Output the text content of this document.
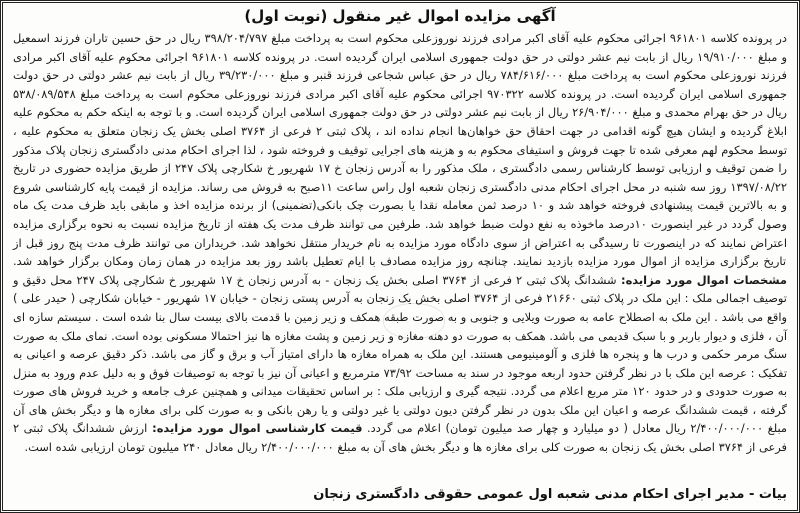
آگهی مزایده اموال غیر منقول (نوبت اول)
در پرونده کلاسه ۹۶۱۸۰۱ اجرائی محکوم علیه آقای اکبر مرادی فرزند نوروزعلی محکوم است به پرداخت مبلغ ۳۹۸/۲۰۴/۷۹۷ ریال در حق حسین تاران فرزند اسمعیل و مبلغ ۱۹/۹۱۰/۰۰۰ ریال از بابت نیم عشر دولتی در حق دولت جمهوری اسلامی ایران گردیده است. در پرونده کلاسه ۹۶۱۸۰۱ اجرائی محکوم علیه آقای اکبر مرادی فرزند نوروزعلی محکوم است به پرداخت مبلغ ۷۸۴/۶۱۶/۰۰۰ ریال در حق عباس شجاعی فرزند قنبر و مبلغ ۳۹/۲۳۰/۰۰۰ ریال از بابت نیم عشر دولتی در حق دولت جمهوری اسلامی ایران گردیده است. در پرونده کلاسه ۹۷۰۳۲۲ اجرائی محکوم علیه آقای اکبر مرادی فرزند نوروزعلی محکوم است به پرداخت مبلغ ۵۳۸/۰۸۹/۵۴۸ ریال در حق بهرام محمدی و مبلغ ۲۶/۹۰۴/۰۰۰ ریال از بابت نیم عشر دولتی در حق دولت جمهوری اسلامی ایران گردیده است. و با توجه به اینکه حکم به محکوم علیه ابلاغ گردیده و ایشان هیچ گونه اقدامی در جهت احقاق حق خواهان‌ها انجام نداده اند ، پلاک ثبتی ۲ فرعی از ۳۷۶۴ اصلی بخش یک زنجان متعلق به محکوم علیه ، توسط محکوم لهم معرفی شده تا جهت فروش و استیفای محکوم به و هزینه های اجرایی توقیف و فروخته شود ، لذا اجرای احکام مدنی دادگستری زنجان پلاک مذکور را ضمن توقیف و ارزیابی توسط کارشناس رسمی دادگستری ، ملک مذکور را به آدرس زنجان خ ۱۷ شهریور خ شکارچی پلاک ۲۴۷ از طریق مزایده حضوری در تاریخ ۱۳۹۷/۰۸/۲۲ روز سه شنبه در محل اجرای احکام مدنی دادگستری زنجان شعبه اول راس ساعت ۱۱صبح به فروش می رساند. مزایده از قیمت پایه کارشناسی شروع و به بالاترین قیمت پیشنهادی فروخته خواهد شد و ۱۰ درصد ثمن معامله نقدا یا بصورت چک بانکی(تضمینی) از برنده مزایده اخذ و مابقی باید ظرف مدت یک ماه وصول گردد در غیر اینصورت ۱۰درصد ماخوذه به نفع دولت ضبط خواهد شد. طرفین می توانند ظرف مدت یک هفته از تاریخ مزایده نسبت به نحوه برگزاری مزایده اعتراض نمایند که در اینصورت تا رسیدگی به اعتراض از سوی دادگاه مورد مزایده به نام خریدار منتقل نخواهد شد. خریداران می توانند ظرف مدت پنج روز قبل از تاریخ برگزاری مزایده از اموال مورد مزایده بازدید نمایند. چنانچه روز مزایده مصادف با ایام تعطیل باشد روز بعد مزایده در همان زمان ومکان برگزار خواهد شد. مشخصات اموال مورد مزایده: ششدانگ پلاک ثبتی ۲ فرعی از ۳۷۶۴ اصلی بخش یک زنجان - به آدرس زنجان خ ۱۷ شهریور خ شکارچی پلاک ۲۴۷ محل دقیق و توصیف اجمالی ملک : این ملک در پلاک ثبتی ۲۱۶۶۰ فرعی از ۳۷۶۴ اصلی بخش یک زنجان به آدرس پستی زنجان - خیابان ۱۷ شهریور - خیابان شکارچی ( حیدر علی ) واقع می باشد . این ملک به اصطلاح عامه به صورت ویلایی و جنوبی و به صورت طبقه همکف و زیر زمین با قدمت بالای بیست سال بنا شده است . سیستم سازه ای آن ، فلزی و دیوار باربر و با سبک قدیمی می باشد. همکف به صورت دو دهنه مغازه و زیر زمین و پشت مغازه ها نیز احتمالا مسکونی بوده است. نمای ملک به صورت سنگ مرمر حکمی و درب ها و پنجره ها فلزی و آلومینیومی هستند. این ملک به همراه مغازه ها دارای امتیاز آب و برق و گاز می باشد. ذکر دقیق عرصه و اعیانی به تفکیک : عرصه این ملک با در نظر گرفتن حدود اربعه موجود در سند به مساحت ۷۳/۹۲ مترمربع و اعیانی آن نیز با توجه به توصیفات فوق و به دلیل عدم ورود به منزل به صورت حدودی و در حدود ۱۲۰ متر مربع اعلام می گردد. نتیجه گیری و ارزیابی ملک : بر اساس تحقیقات میدانی و همچنین عرف جامعه و خرید فروش های صورت گرفته ، قیمت ششدانگ عرصه و اعیان این ملک بدون در نظر گرفتن دیون دولتی یا غیر دولتی و یا رهن بانکی و به صورت کلی برای مغازه ها و دیگر بخش های آن مبلغ ۲/۴۰۰/۰۰۰/۰۰۰ ریال معادل ( دو میلیارد و چهار صد میلیون تومان) اعلام می گردد. قیمت کارشناسی اموال مورد مزایده: ارزش ششدانگ پلاک ثبتی ۲ فرعی از ۳۷۶۴ اصلی بخش یک زنجان به صورت کلی برای مغازه ها و دیگر بخش های آن به مبلغ ۲/۴۰۰/۰۰۰/۰۰۰ ریال معادل ۲۴۰ میلیون تومان ارزیابی شده است.
بیات - مدیر اجرای احکام مدنی شعبه اول عمومی حقوقی دادگستری زنجان
